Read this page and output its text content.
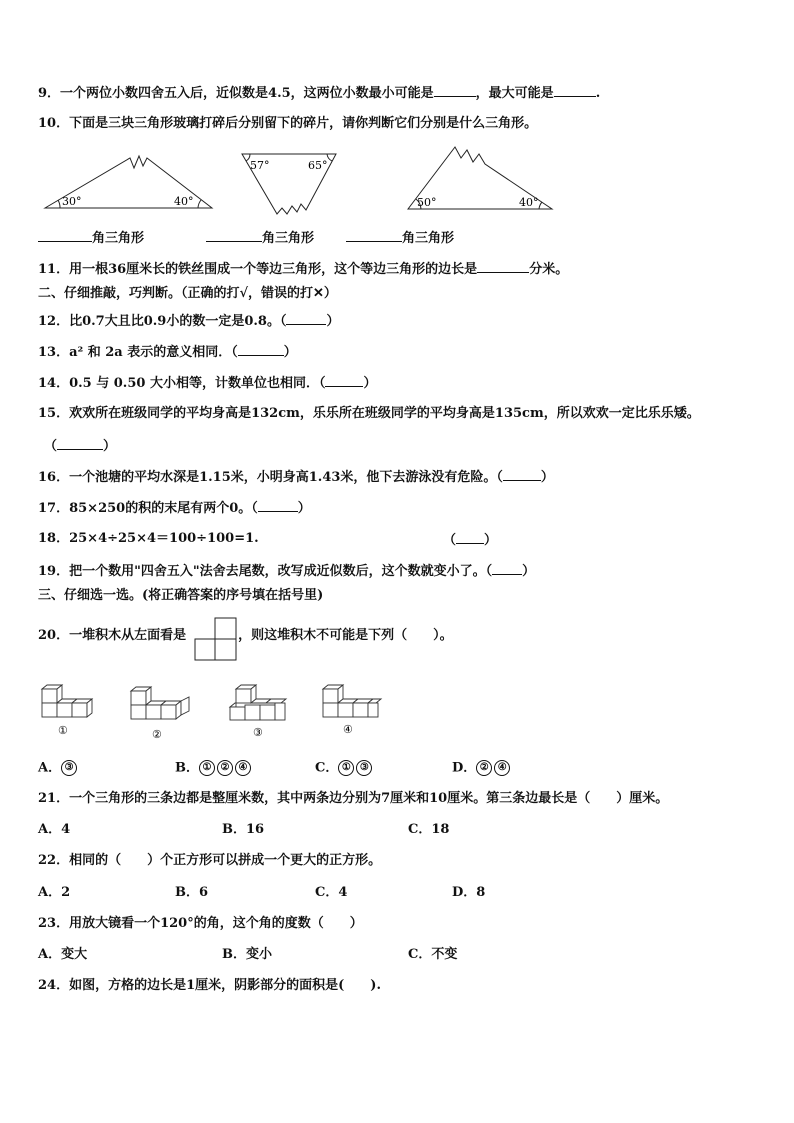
9．一个两位小数四舍五入后，近似数是4.5，这两位小数最小可能是	，最大可能是	.
10．下面是三块三角形玻璃打碎后分别留下的碎片，请你判断它们分别是什么三角形。
30°	40°
57°	65°
50°	40°
角三角形	角三角形	角三角形
11．用一根36厘米长的铁丝围成一个等边三角形，这个等边三角形的边长是	分米。
二、仔细推敲，巧判断。（正确的打√，错误的打✕）
12．比0.7大且比0.9小的数一定是0.8。（	）
13．a² 和 2a 表示的意义相同．（	）
14．0.5 与 0.50 大小相等，计数单位也相同．（	）
15．欢欢所在班级同学的平均身高是132cm，乐乐所在班级同学的平均身高是135cm，所以欢欢一定比乐乐矮。
（	）
16．一个池塘的平均水深是1.15米，小明身高1.43米，他下去游泳没有危险。（	）
17．85×250的积的末尾有两个0。（	）
18．25×4÷25×4＝100÷100=1.	（ ）
19．把一个数用"四舍五入"法舍去尾数，改写成近似数后，这个数就变小了。（ ）
三、仔细选一选。(将正确答案的序号填在括号里)
20．一堆积木从左面看是	，则这堆积木不可能是下列（　　）。
①	②	③	④
A． ③	B． ① ② ④	C． ① ③	D． ② ④
21．一个三角形的三条边都是整厘米数，其中两条边分别为7厘米和10厘米。第三条边最长是（　　）厘米。
A．4	B．16	C．18
22．相同的（　　）个正方形可以拼成一个更大的正方形。
A．2	B．6	C．4	D．8
23．用放大镜看一个120°的角，这个角的度数（　　）
A．变大	B．变小	C．不变
24．如图，方格的边长是1厘米，阴影部分的面积是(　　).
